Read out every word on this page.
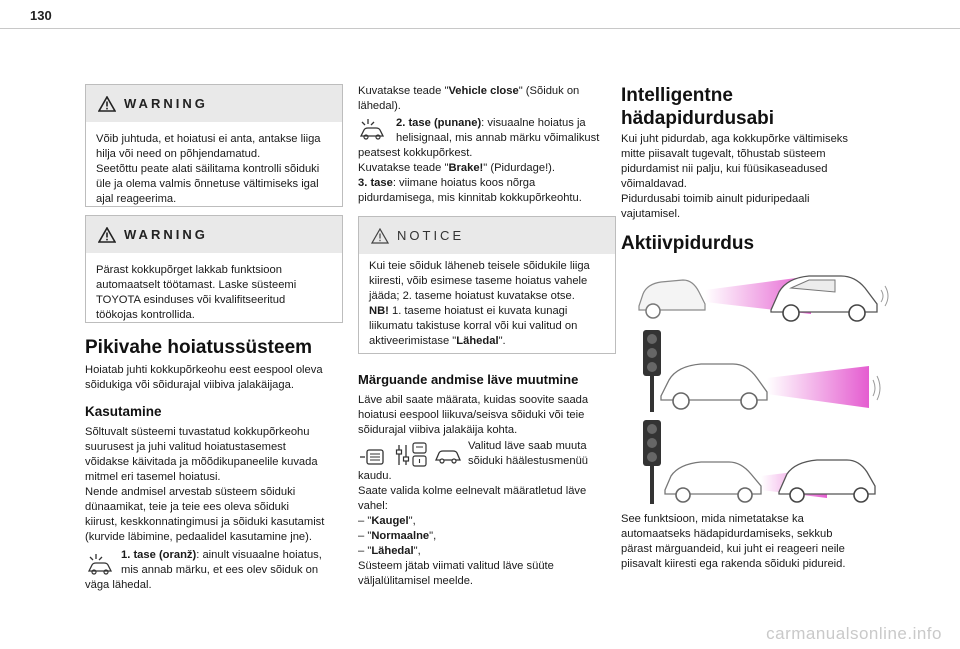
130
WARNING
Võib juhtuda, et hoiatusi ei anta, antakse liiga
hilja või need on põhjendamatud.
Seetõttu peate alati säilitama kontrolli sõiduki
üle ja olema valmis õnnetuse vältimiseks igal
ajal reageerima.
WARNING
Pärast kokkupõrget lakkab funktsioon
automaatselt töötamast. Laske süsteemi
TOYOTA esinduses või kvalifitseeritud
töökojas kontrollida.
Pikivahe hoiatussüsteem
Hoiatab juhti kokkupõrkeohu eest eespool oleva
sõidukiga või sõidurajal viibiva jalakäijaga.
Kasutamine
Sõltuvalt süsteemi tuvastatud kokkupõrkeohu
suurusest ja juhi valitud hoiatustasemest
võidakse käivitada ja mõõdikupaneelile kuvada
mitmel eri tasemel hoiatusi.
Nende andmisel arvestab süsteem sõiduki
dünaamikat, teie ja teie ees oleva sõiduki
kiirust, keskkonnatingimusi ja sõiduki kasutamist
(kurvide läbimine, pedaalidel kasutamine jne).
1. tase (oranž): ainult visuaalne hoiatus,
mis annab märku, et ees olev sõiduk on
väga lähedal.
Kuvatakse teade "Vehicle close" (Sõiduk on
lähedal).
2. tase (punane): visuaalne hoiatus ja
helisignaal, mis annab märku võimalikust
peatsest kokkupõrkest.
Kuvatakse teade "Brake!" (Pidurdage!).
3. tase: viimane hoiatus koos nõrga
pidurdamisega, mis kinnitab kokkupõrkeohtu.
NOTICE
Kui teie sõiduk läheneb teisele sõidukile liiga
kiiresti, võib esimese taseme hoiatus vahele
jääda; 2. taseme hoiatust kuvatakse otse.
NB! 1. taseme hoiatust ei kuvata kunagi
liikumatu takistuse korral või kui valitud on
aktiveerimistase "Lähedal".
Märguande andmise läve muutmine
Läve abil saate määrata, kuidas soovite saada
hoiatusi eespool liikuva/seisva sõiduki või teie
sõidurajal viibiva jalakäija kohta.
Valitud läve saab muuta
sõiduki häälestusmenüü
kaudu.
Saate valida kolme eelnevalt määratletud läve
vahel:
– "Kaugel",
– "Normaalne",
– "Lähedal",
Süsteem jätab viimati valitud läve süüte
väljalülitamisel meelde.
Intelligentne
hädapidurdusabi
Kui juht pidurdab, aga kokkupõrke vältimiseks
mitte piisavalt tugevalt, tõhustab süsteem
pidurdamist nii palju, kui füüsikaseadused
võimaldavad.
Pidurdusabi toimib ainult piduripedaali
vajutamisel.
Aktiivpidurdus
See funktsioon, mida nimetatakse ka
automaatseks hädapidurdamiseks, sekkub
pärast märguandeid, kui juht ei reageeri neile
piisavalt kiiresti ega rakenda sõiduki pidureid.
carmanualsonline.info
